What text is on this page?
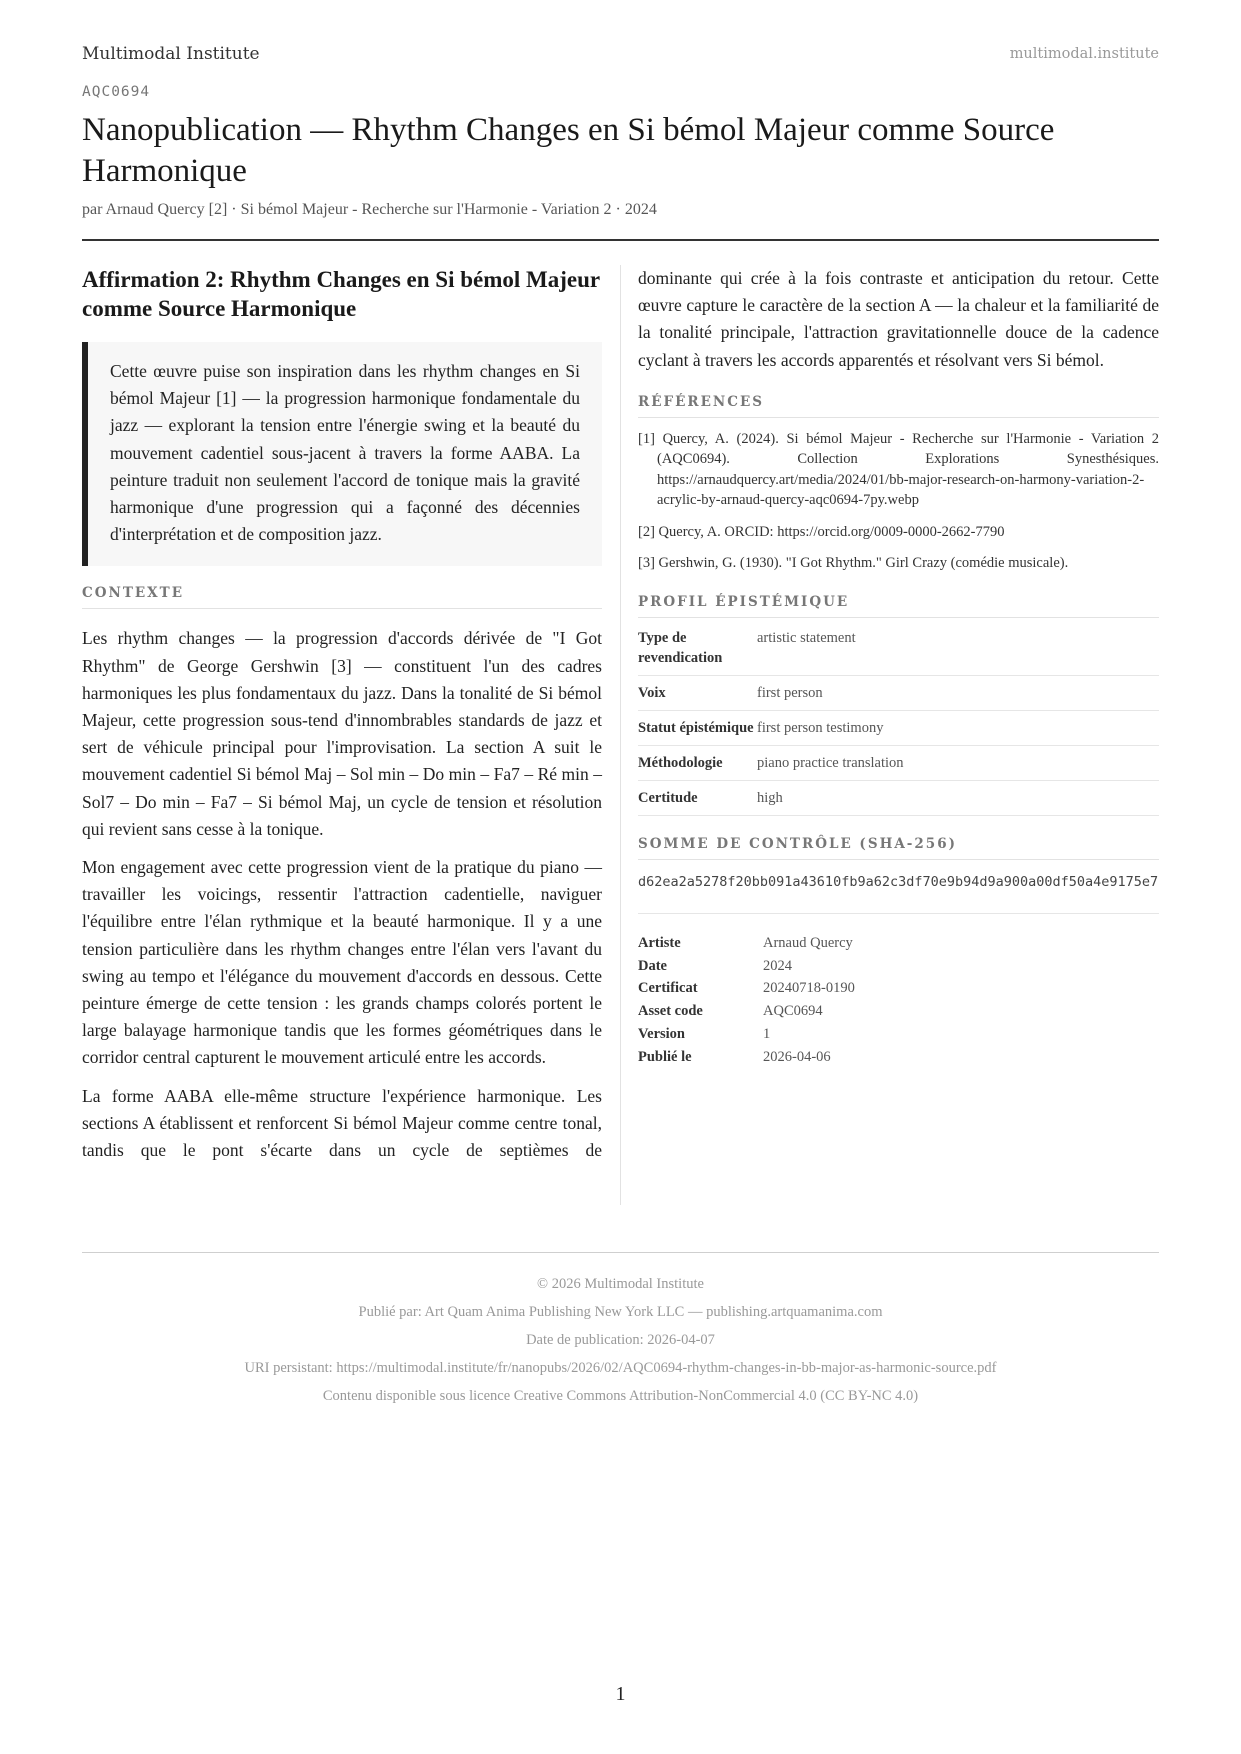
Multimodal Institute	multimodal.institute
AQC0694
Nanopublication — Rhythm Changes en Si bémol Majeur comme Source Harmonique
par Arnaud Quercy [2] · Si bémol Majeur - Recherche sur l'Harmonie - Variation 2 · 2024
Affirmation 2: Rhythm Changes en Si bémol Majeur comme Source Harmonique
Cette œuvre puise son inspiration dans les rhythm changes en Si bémol Majeur [1] — la progression harmonique fondamentale du jazz — explorant la tension entre l'énergie swing et la beauté du mouvement cadentiel sous-jacent à travers la forme AABA. La peinture traduit non seulement l'accord de tonique mais la gravité harmonique d'une progression qui a façonné des décennies d'interprétation et de composition jazz.
CONTEXTE

Les rhythm changes — la progression d'accords dérivée de "I Got Rhythm" de George Gershwin [3] — constituent l'un des cadres harmoniques les plus fondamentaux du jazz. Dans la tonalité de Si bémol Majeur, cette progression sous-tend d'innombrables standards de jazz et sert de véhicule principal pour l'improvisation. La section A suit le mouvement cadentiel Si bémol Maj – Sol min – Do min – Fa7 – Ré min – Sol7 – Do min – Fa7 – Si bémol Maj, un cycle de tension et résolution qui revient sans cesse à la tonique.

Mon engagement avec cette progression vient de la pratique du piano — travailler les voicings, ressentir l'attraction cadentielle, naviguer l'équilibre entre l'élan rythmique et la beauté harmonique. Il y a une tension particulière dans les rhythm changes entre l'élan vers l'avant du swing au tempo et l'élégance du mouvement d'accords en dessous. Cette peinture émerge de cette tension : les grands champs colorés portent le large balayage harmonique tandis que les formes géométriques dans le corridor central capturent le mouvement articulé entre les accords.

La forme AABA elle-même structure l'expérience harmonique. Les sections A établissent et renforcent Si bémol Majeur comme centre tonal, tandis que le pont s'écarte dans un cycle de septièmes de

dominante qui crée à la fois contraste et anticipation du retour. Cette œuvre capture le caractère de la section A — la chaleur et la familiarité de la tonalité principale, l'attraction gravitationnelle douce de la cadence cyclant à travers les accords apparentés et résolvant vers Si bémol.

RÉFÉRENCES
[1] Quercy, A. (2024). Si bémol Majeur - Recherche sur l'Harmonie - Variation 2 (AQC0694). Collection Explorations Synesthésiques. https://arnaudquercy.art/media/2024/01/bb-major-research-on-harmony-variation-2-acrylic-by-arnaud-quercy-aqc0694-7py.webp
[2] Quercy, A. ORCID: https://orcid.org/0009-0000-2662-7790
[3] Gershwin, G. (1930). "I Got Rhythm." Girl Crazy (comédie musicale).
PROFIL ÉPISTÉMIQUE
Type de revendication	artistic statement
Voix	first person
Statut épistémique	first person testimony
Méthodologie	piano practice translation
Certitude	high
SOMME DE CONTRÔLE (SHA-256)
d62ea2a5278f20bb091a43610fb9a62c3df70e9b94d9a900a00df50a4e9175e7
Artiste	Arnaud Quercy
Date	2024
Certificat	20240718-0190
Asset code	AQC0694
Version	1
Publié le	2026-04-06
© 2026 Multimodal Institute
Publié par: Art Quam Anima Publishing New York LLC — publishing.artquamanima.com
Date de publication: 2026-04-07
URI persistant: https://multimodal.institute/fr/nanopubs/2026/02/AQC0694-rhythm-changes-in-bb-major-as-harmonic-source.pdf
Contenu disponible sous licence Creative Commons Attribution-NonCommercial 4.0 (CC BY-NC 4.0)
1
